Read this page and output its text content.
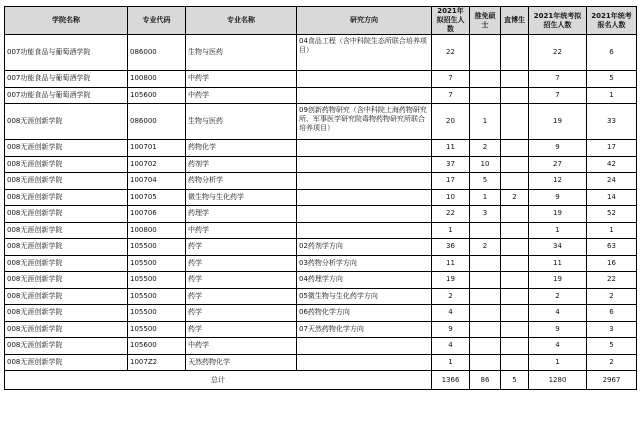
学院名称	专业代码	专业名称	研究方向	2021年拟招生人数	推免硕士	直博生	2021年统考拟招生人数	2021年统考报名人数
007功能食品与葡萄酒学院	086000	生物与医药	04食品工程（含中科院生态所联合培养项目）	22			22	6
007功能食品与葡萄酒学院	100800	中药学		7			7	5
007功能食品与葡萄酒学院	105600	中药学		7			7	1
008无涯创新学院	086000	生物与医药	09创新药物研究（含中科院上海药物研究所、军事医学研究院毒物药物研究所联合培养项目）	20	1		19	33
008无涯创新学院	100701	药物化学		11	2		9	17
008无涯创新学院	100702	药剂学		37	10		27	42
008无涯创新学院	100704	药物分析学		17	5		12	24
008无涯创新学院	100705	微生物与生化药学		10	1	2	9	14
008无涯创新学院	100706	药理学		22	3		19	52
008无涯创新学院	100800	中药学		1			1	1
008无涯创新学院	105500	药学	02药剂学方向	36	2		34	63
008无涯创新学院	105500	药学	03药物分析学方向	11			11	16
008无涯创新学院	105500	药学	04药理学方向	19			19	22
008无涯创新学院	105500	药学	05微生物与生化药学方向	2			2	2
008无涯创新学院	105500	药学	06药物化学方向	4			4	6
008无涯创新学院	105500	药学	07天然药物化学方向	9			9	3
008无涯创新学院	105600	中药学		4			4	5
008无涯创新学院	1007Z2	天然药物化学		1			1	2
总计				1366	86	5	1280	2967
